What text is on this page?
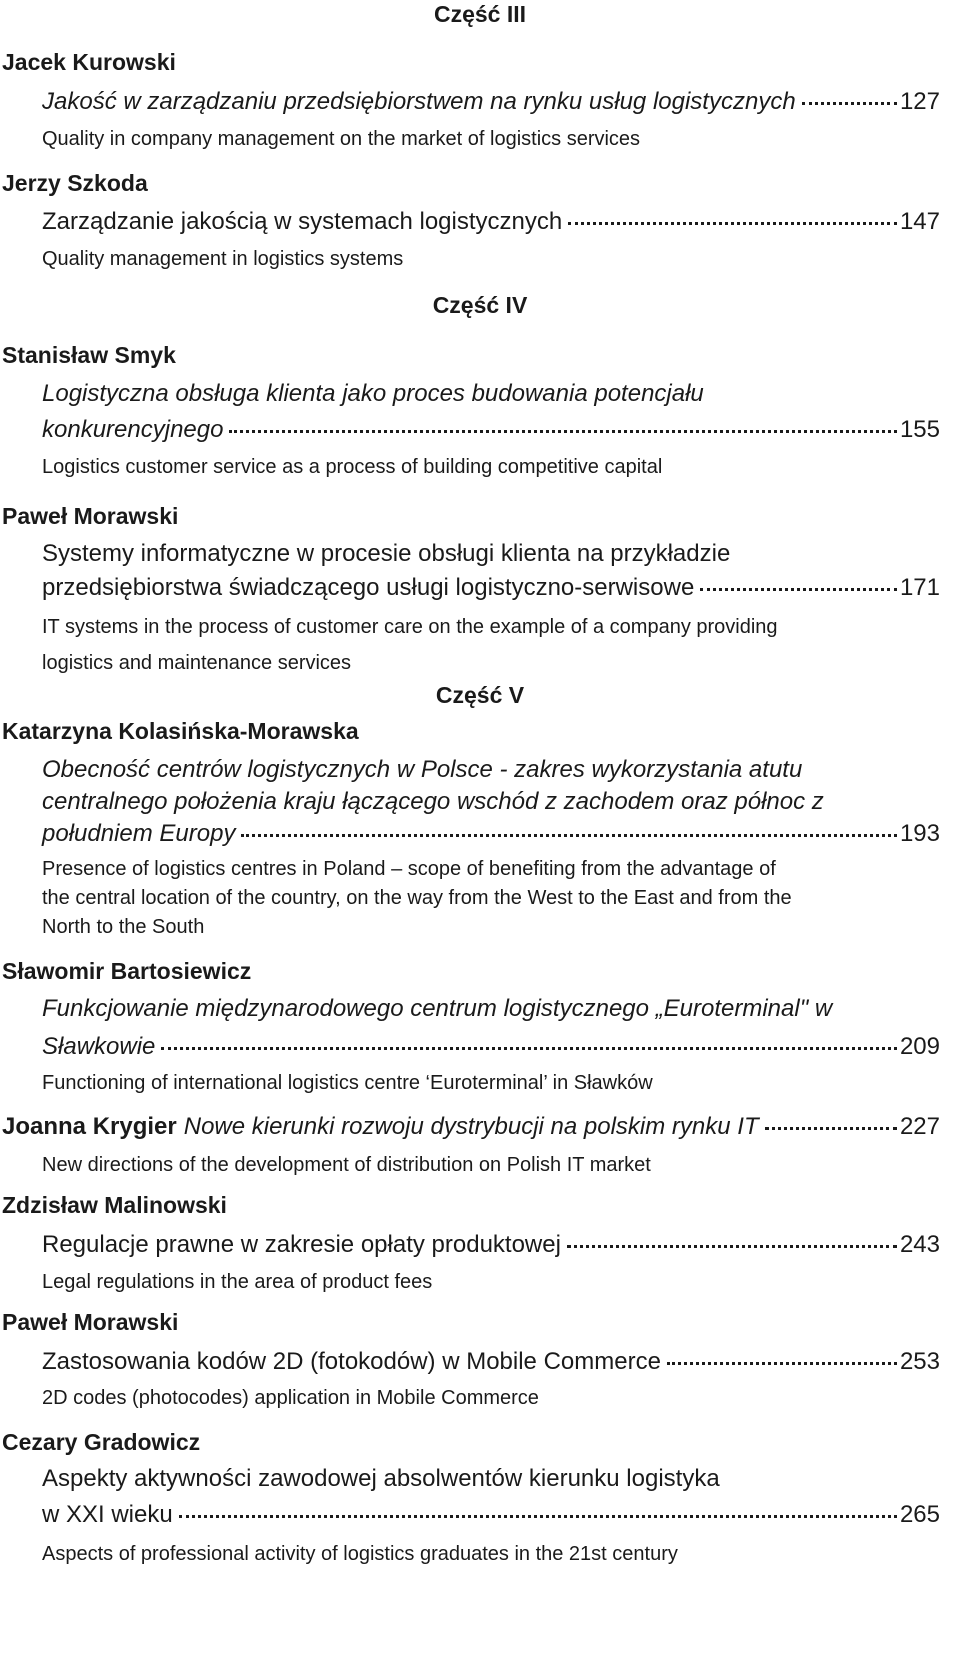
Część III
Jacek Kurowski
Jakość w zarządzaniu przedsiębiorstwem na rynku usług logistycznych	127
Quality in company management on the market of logistics services
Jerzy Szkoda
Zarządzanie jakością w systemach logistycznych	147
Quality management in logistics systems
Część IV
Stanisław Smyk
Logistyczna obsługa klienta jako proces budowania potencjału
konkurencyjnego	155
Logistics customer service as a process of building competitive capital
Paweł Morawski
Systemy informatyczne w procesie obsługi klienta na przykładzie
przedsiębiorstwa świadczącego usługi logistyczno-serwisowe	171
IT systems in the process of customer care on the example of a company providing
logistics and maintenance services
Część V
Katarzyna Kolasińska-Morawska
Obecność centrów logistycznych w Polsce - zakres wykorzystania atutu
centralnego położenia kraju łączącego wschód z zachodem oraz północ z
południem Europy	193
Presence of logistics centres in Poland – scope of benefiting from the advantage of
the central location of the country, on the way from the West to the East and from the
North to the South
Sławomir Bartosiewicz
Funkcjowanie międzynarodowego centrum logistycznego „Euroterminal" w
Sławkowie	209
Functioning of international logistics centre ‘Euroterminal’ in Sławków
Joanna Krygier Nowe kierunki rozwoju dystrybucji na polskim rynku IT	227
New directions of the development of distribution on Polish IT market
Zdzisław Malinowski
Regulacje prawne w zakresie opłaty produktowej	243
Legal regulations in the area of product fees
Paweł Morawski
Zastosowania kodów 2D (fotokodów) w Mobile Commerce	253
2D codes (photocodes) application in Mobile Commerce
Cezary Gradowicz
Aspekty aktywności zawodowej absolwentów kierunku logistyka
w XXI wieku	265
Aspects of professional activity of logistics graduates in the 21st century
